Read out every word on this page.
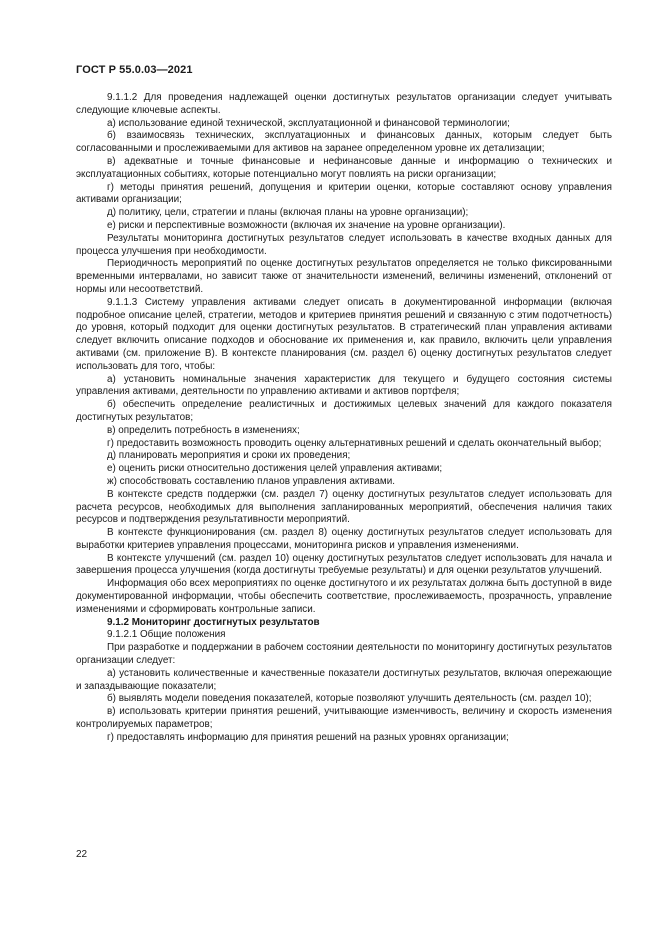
ГОСТ Р 55.0.03—2021

9.1.1.2 Для проведения надлежащей оценки достигнутых результатов организации следует учитывать следующие ключевые аспекты.

а) использование единой технической, эксплуатационной и финансовой терминологии;

б) взаимосвязь технических, эксплуатационных и финансовых данных, которым следует быть согласованными и прослеживаемыми для активов на заранее определенном уровне их детализации;

в) адекватные и точные финансовые и нефинансовые данные и информацию о технических и эксплуатационных событиях, которые потенциально могут повлиять на риски организации;

г) методы принятия решений, допущения и критерии оценки, которые составляют основу управления активами организации;

д) политику, цели, стратегии и планы (включая планы на уровне организации);

е) риски и перспективные возможности (включая их значение на уровне организации).

Результаты мониторинга достигнутых результатов следует использовать в качестве входных данных для процесса улучшения при необходимости.

Периодичность мероприятий по оценке достигнутых результатов определяется не только фиксированными временными интервалами, но зависит также от значительности изменений, величины изменений, отклонений от нормы или несоответствий.

9.1.1.3 Систему управления активами следует описать в документированной информации (включая подробное описание целей, стратегии, методов и критериев принятия решений и связанную с этим подотчетность) до уровня, который подходит для оценки достигнутых результатов. В стратегический план управления активами следует включить описание подходов и обоснование их применения и, как правило, включить цели управления активами (см. приложение В). В контексте планирования (см. раздел 6) оценку достигнутых результатов следует использовать для того, чтобы:

а) установить номинальные значения характеристик для текущего и будущего состояния системы управления активами, деятельности по управлению активами и активов портфеля;

б) обеспечить определение реалистичных и достижимых целевых значений для каждого показателя достигнутых результатов;

в) определить потребность в изменениях;

г) предоставить возможность проводить оценку альтернативных решений и сделать окончательный выбор;

д) планировать мероприятия и сроки их проведения;

е) оценить риски относительно достижения целей управления активами;

ж) способствовать составлению планов управления активами.

В контексте средств поддержки (см. раздел 7) оценку достигнутых результатов следует использовать для расчета ресурсов, необходимых для выполнения запланированных мероприятий, обеспечения наличия таких ресурсов и подтверждения результативности мероприятий.

В контексте функционирования (см. раздел 8) оценку достигнутых результатов следует использовать для выработки критериев управления процессами, мониторинга рисков и управления изменениями.

В контексте улучшений (см. раздел 10) оценку достигнутых результатов следует использовать для начала и завершения процесса улучшения (когда достигнуты требуемые результаты) и для оценки результатов улучшений.

Информация обо всех мероприятиях по оценке достигнутого и их результатах должна быть доступной в виде документированной информации, чтобы обеспечить соответствие, прослеживаемость, прозрачность, управление изменениями и сформировать контрольные записи.

9.1.2 Мониторинг достигнутых результатов

9.1.2.1 Общие положения

При разработке и поддержании в рабочем состоянии деятельности по мониторингу достигнутых результатов организации следует:

а) установить количественные и качественные показатели достигнутых результатов, включая опережающие и запаздывающие показатели;

б) выявлять модели поведения показателей, которые позволяют улучшить деятельность (см. раздел 10);

в) использовать критерии принятия решений, учитывающие изменчивость, величину и скорость изменения контролируемых параметров;

г) предоставлять информацию для принятия решений на разных уровнях организации;

22
